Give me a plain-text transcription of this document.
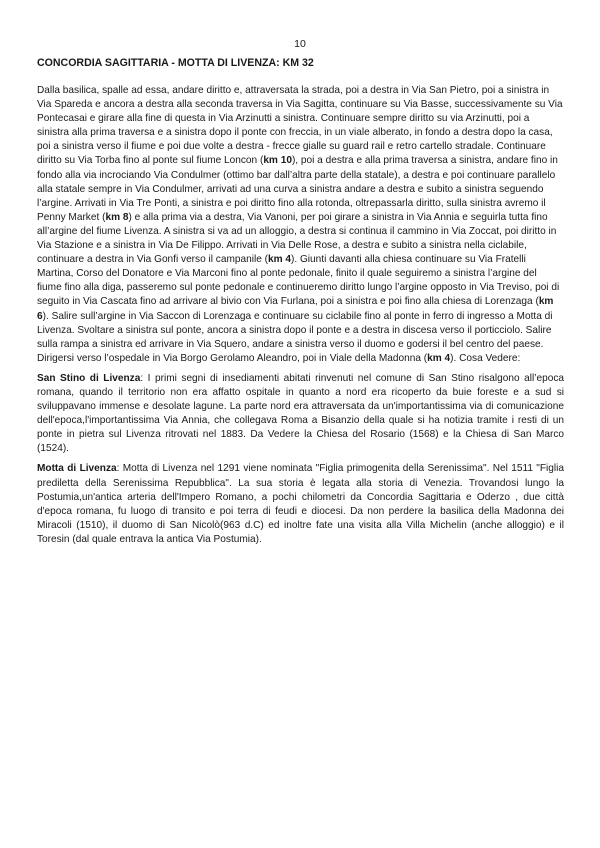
10
CONCORDIA SAGITTARIA - MOTTA DI LIVENZA: KM 32

Dalla basilica, spalle ad essa, andare diritto e, attraversata la strada, poi a destra in Via San Pietro, poi a sinistra in Via Spareda e ancora a destra alla seconda traversa in Via Sagitta, continuare su Via Basse, successivamente su Via Pontecasai e girare alla fine di questa in Via Arzinutti a sinistra. Continuare sempre diritto su via Arzinutti, poi a sinistra alla prima traversa e a sinistra dopo il ponte con freccia, in un viale alberato, in fondo a destra dopo la casa, poi a sinistra verso il fiume e poi due volte a destra - frecce gialle su guard rail e retro cartello stradale. Continuare diritto su Via Torba fino al ponte sul fiume Loncon (km 10), poi a destra e alla prima traversa a sinistra, andare fino in fondo alla via incrociando Via Condulmer (ottimo bar dall’altra parte della statale), a destra e poi continuare parallelo alla statale sempre in Via Condulmer, arrivati ad una curva a sinistra andare a destra e subito a sinistra seguendo l’argine. Arrivati in Via Tre Ponti, a sinistra e poi diritto fino alla rotonda, oltrepassarla diritto, sulla sinistra avremo il Penny Market (km 8) e alla prima via a destra, Via Vanoni, per poi girare a sinistra in Via Annia e seguirla tutta fino all’argine del fiume Livenza. A sinistra si va ad un alloggio, a destra si continua il cammino in Via Zoccat, poi diritto in Via Stazione e a sinistra in Via De Filippo. Arrivati in Via Delle Rose, a destra e subito a sinistra nella ciclabile, continuare a destra in Via Gonfi verso il campanile (km 4). Giunti davanti alla chiesa continuare su Via Fratelli Martina, Corso del Donatore e Via Marconi fino al ponte pedonale, finito il quale seguiremo a sinistra l’argine del fiume fino alla diga, passeremo sul ponte pedonale e continueremo diritto lungo l’argine opposto in Via Treviso, poi di seguito in Via Cascata fino ad arrivare al bivio con Via Furlana, poi a sinistra e poi fino alla chiesa di Lorenzaga (km 6). Salire sull’argine in Via Saccon di Lorenzaga e continuare su ciclabile fino al ponte in ferro di ingresso a Motta di Livenza. Svoltare a sinistra sul ponte, ancora a sinistra dopo il ponte e a destra in discesa verso il porticciolo. Salire sulla rampa a sinistra ed arrivare in Via Squero, andare a sinistra verso il duomo e godersi il bel centro del paese. Dirigersi verso l’ospedale in Via Borgo Gerolamo Aleandro, poi in Viale della Madonna (km 4). Cosa Vedere:

San Stino di Livenza: I primi segni di insediamenti abitati rinvenuti nel comune di San Stino risalgono all’epoca romana, quando il territorio non era affatto ospitale in quanto a nord era ricoperto da buie foreste e a sud si sviluppavano immense e desolate lagune. La parte nord era attraversata da un'importantissima via di comunicazione dell'epoca,l'importantissima Via Annia, che collegava Roma a Bisanzio della quale si ha notizia tramite i resti di un ponte in pietra sul Livenza ritrovati nel 1883. Da Vedere la Chiesa del Rosario (1568) e la Chiesa di San Marco (1524).

Motta di Livenza: Motta di Livenza nel 1291 viene nominata "Figlia primogenita della Serenissima". Nel 1511 "Figlia prediletta della Serenissima Repubblica". La sua storia è legata alla storia di Venezia. Trovandosi lungo la Postumia,un'antica arteria dell'Impero Romano, a pochi chilometri da Concordia Sagittaria e Oderzo , due città d'epoca romana, fu luogo di transito e poi terra di feudi e diocesi. Da non perdere la basilica della Madonna dei Miracoli (1510), il duomo di San Nicolò(963 d.C) ed inoltre fate una visita alla Villa Michelin (anche alloggio) e il Toresin (dal quale entrava la antica Via Postumia).
